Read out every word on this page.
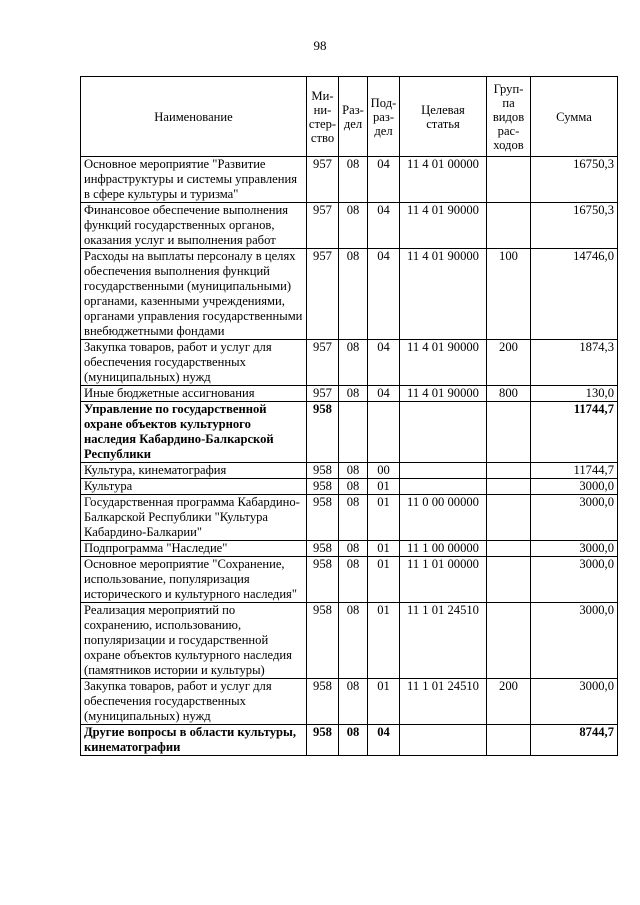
98
Наименование	Ми-
ни-
стер-
ство	Раз-
дел	Под-
раз-
дел	Целевая
статья	Груп-
па
видов
рас-
ходов	Сумма
Основное мероприятие "Развитие инфраструктуры и системы управления в сфере культуры и туризма"	957	08	04	11 4 01 00000		16750,3
Финансовое обеспечение выполнения функций государственных органов, оказания услуг и выполнения работ	957	08	04	11 4 01 90000		16750,3
Расходы на выплаты персоналу в целях обеспечения выполнения функций государственными (муниципальными) органами, казенными учреждениями, органами управления государственными внебюджетными фондами	957	08	04	11 4 01 90000	100	14746,0
Закупка товаров, работ и услуг для обеспечения государственных (муниципальных) нужд	957	08	04	11 4 01 90000	200	1874,3
Иные бюджетные ассигнования	957	08	04	11 4 01 90000	800	130,0
Управление по государственной охране объектов культурного наследия Кабардино-Балкарской Республики	958					11744,7
Культура, кинематография	958	08	00			11744,7
Культура	958	08	01			3000,0
Государственная программа Кабардино-Балкарской Республики "Культура Кабардино-Балкарии"	958	08	01	11 0 00 00000		3000,0
Подпрограмма "Наследие"	958	08	01	11 1 00 00000		3000,0
Основное мероприятие "Сохранение, использование, популяризация исторического и культурного наследия"	958	08	01	11 1 01 00000		3000,0
Реализация мероприятий по сохранению, использованию, популяризации и государственной охране объектов культурного наследия (памятников истории и культуры)	958	08	01	11 1 01 24510		3000,0
Закупка товаров, работ и услуг для обеспечения государственных (муниципальных) нужд	958	08	01	11 1 01 24510	200	3000,0
Другие вопросы в области культуры, кинематографии	958	08	04			8744,7
